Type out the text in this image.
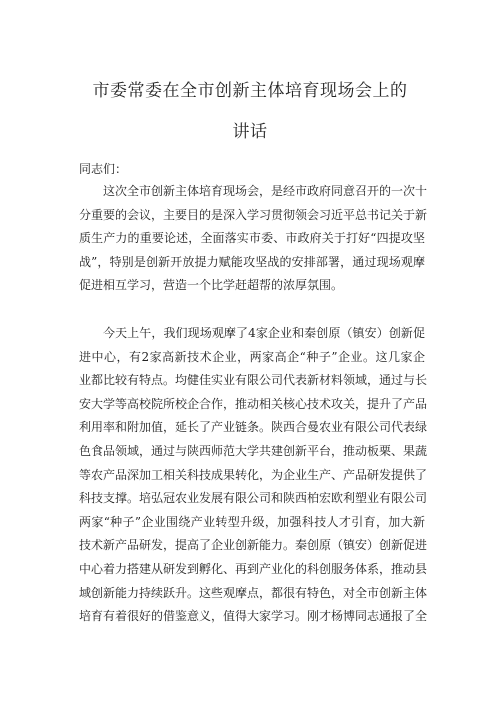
市委常委在全市创新主体培育现场会上的
讲话
同志们：
这次全市创新主体培育现场会，是经市政府同意召开的一次十
分重要的会议，主要目的是深入学习贯彻领会习近平总书记关于新
质生产力的重要论述，全面落实市委、市政府关于打好“四提攻坚
战”，特别是创新开放提力赋能攻坚战的安排部署，通过现场观摩
促进相互学习，营造一个比学赶超帮的浓厚氛围。
今天上午，我们现场观摩了4家企业和秦创原（镇安）创新促
进中心，有2家高新技术企业，两家高企“种子”企业。这几家企
业都比较有特点。均健佳实业有限公司代表新材料领域，通过与长
安大学等高校院所校企合作，推动相关核心技术攻关，提升了产品
利用率和附加值，延长了产业链条。陕西合曼农业有限公司代表绿
色食品领域，通过与陕西师范大学共建创新平台，推动板栗、果蔬
等农产品深加工相关科技成果转化，为企业生产、产品研发提供了
科技支撑。培弘冠农业发展有限公司和陕西柏宏欧利塑业有限公司
两家“种子”企业围绕产业转型升级，加强科技人才引育，加大新
技术新产品研发，提高了企业创新能力。秦创原（镇安）创新促进
中心着力搭建从研发到孵化、再到产业化的科创服务体系，推动县
域创新能力持续跃升。这些观摩点，都很有特色，对全市创新主体
培育有着很好的借鉴意义，值得大家学习。刚才杨博同志通报了全
